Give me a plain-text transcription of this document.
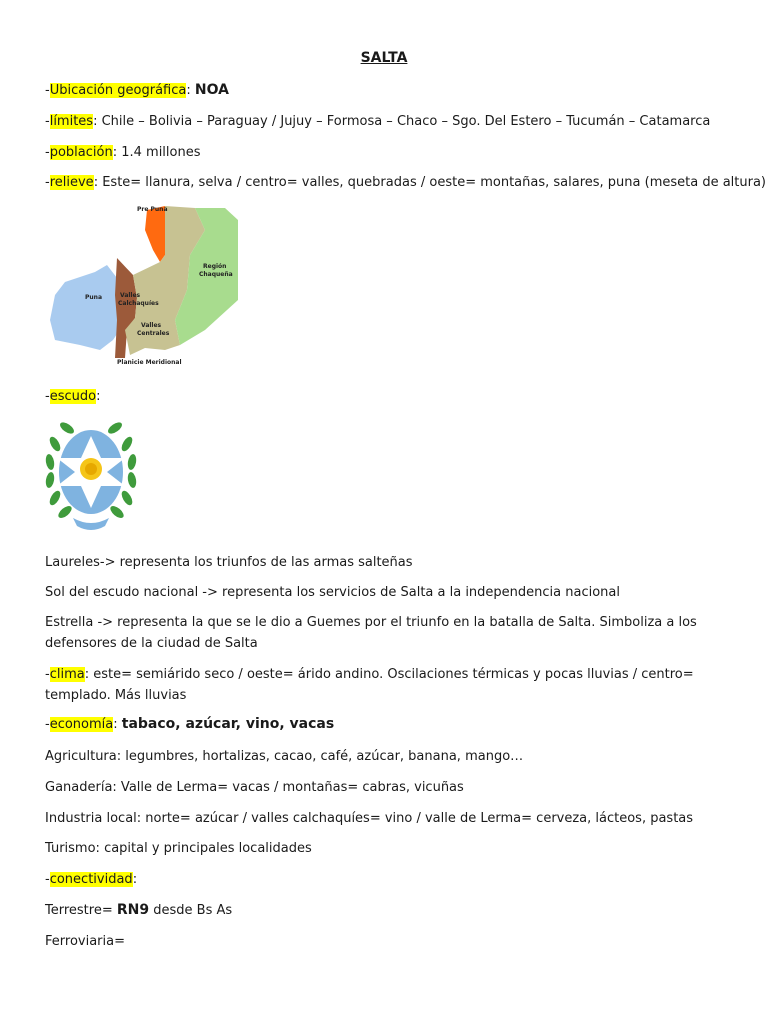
SALTA
-Ubicación geográfica: NOA
-límites: Chile – Bolivia – Paraguay / Jujuy – Formosa – Chaco – Sgo. Del Estero – Tucumán – Catamarca
-población: 1.4 millones
-relieve: Este= llanura, selva / centro= valles, quebradas / oeste= montañas, salares, puna (meseta de altura)
Pre Puna
Región
Chaqueña
Puna	Valles
Calchaquíes
Valles
Centrales
Planicie Meridional
-escudo:
Laureles-> representa los triunfos de las armas salteñas
Sol del escudo nacional -> representa los servicios de Salta a la independencia nacional
Estrella -> representa la que se le dio a Guemes por el triunfo en la batalla de Salta. Simboliza a los defensores de la ciudad de Salta
-clima: este= semiárido seco / oeste= árido andino. Oscilaciones térmicas y pocas lluvias / centro= templado. Más lluvias
-economía: tabaco, azúcar, vino, vacas
Agricultura: legumbres, hortalizas, cacao, café, azúcar, banana, mango…
Ganadería: Valle de Lerma= vacas / montañas= cabras, vicuñas
Industria local: norte= azúcar / valles calchaquíes= vino / valle de Lerma= cerveza, lácteos, pastas
Turismo: capital y principales localidades
-conectividad:
Terrestre= RN9 desde Bs As
Ferroviaria=
